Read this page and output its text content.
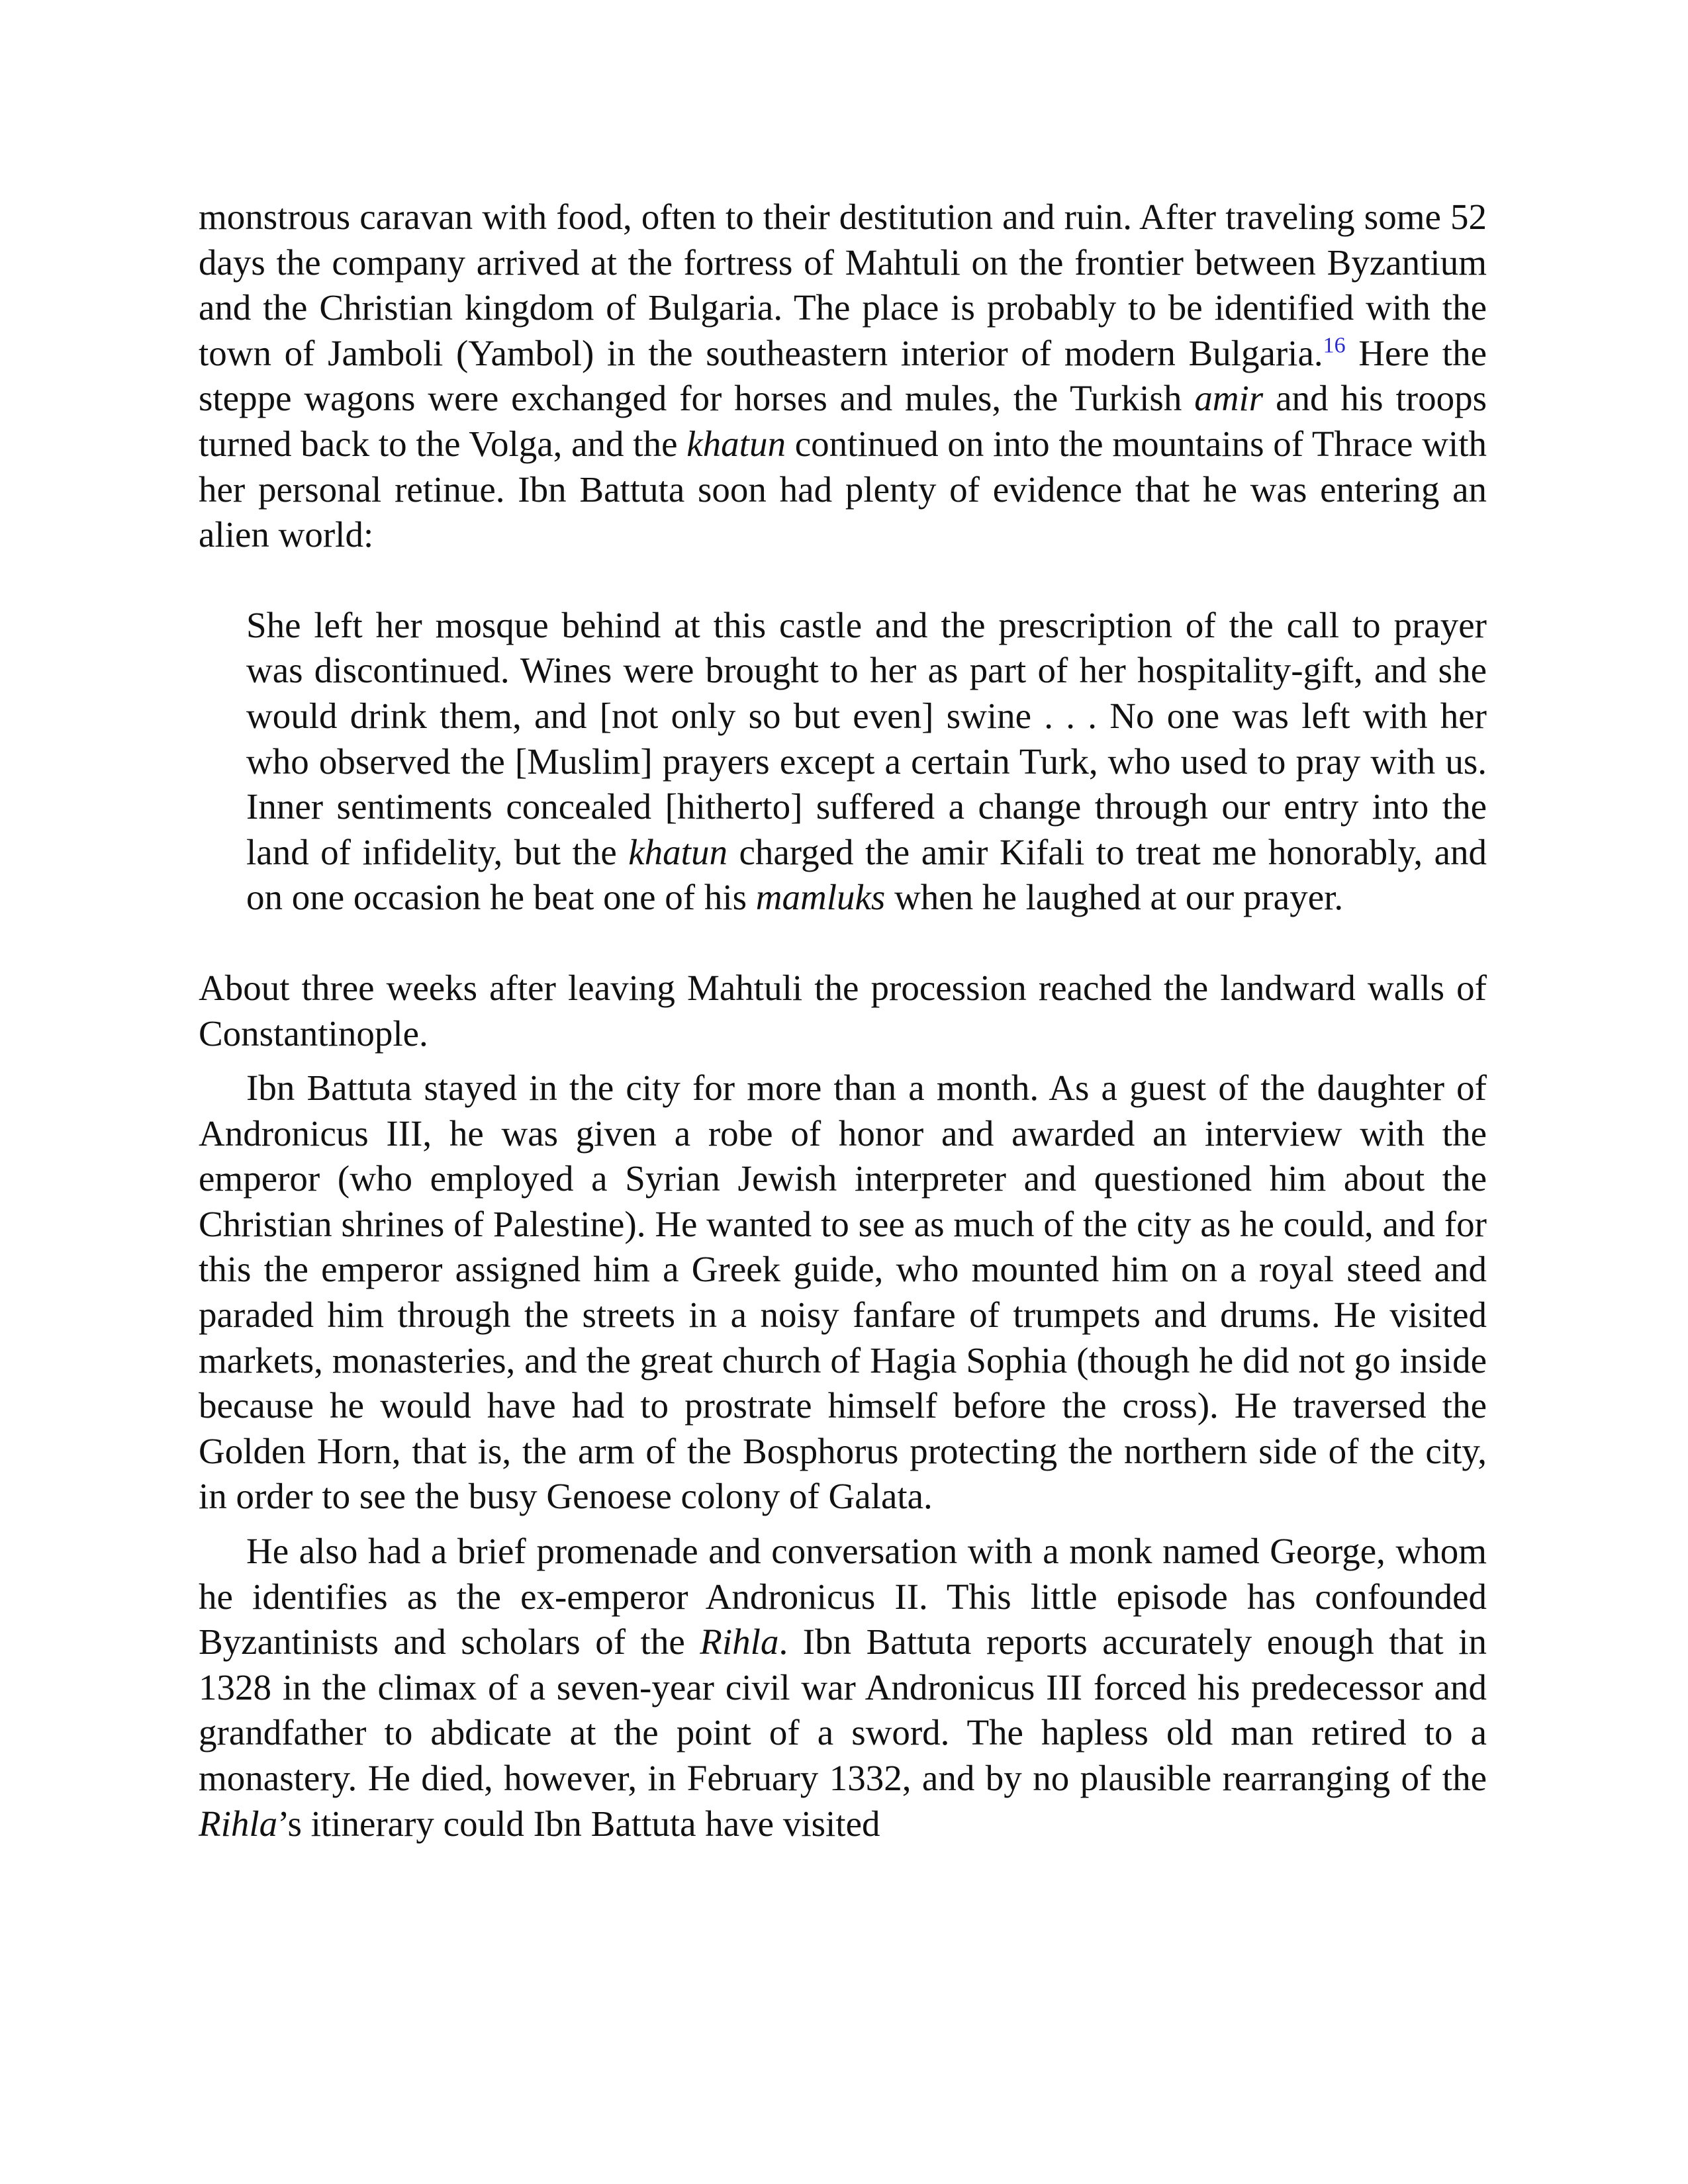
monstrous caravan with food, often to their destitution and ruin. After traveling some 52 days the company arrived at the fortress of Mahtuli on the frontier between Byzantium and the Christian kingdom of Bulgaria. The place is probably to be identified with the town of Jamboli (Yambol) in the southeastern interior of modern Bulgaria.$^{16}$ Here the steppe wagons were exchanged for horses and mules, the Turkish amir and his troops turned back to the Volga, and the khatun continued on into the mountains of Thrace with her personal retinue. Ibn Battuta soon had plenty of evidence that he was entering an alien world:

She left her mosque behind at this castle and the prescription of the call to prayer was discontinued. Wines were brought to her as part of her hospitality-gift, and she would drink them, and [not only so but even] swine . . . No one was left with her who observed the [Muslim] prayers except a certain Turk, who used to pray with us. Inner sentiments concealed [hitherto] suffered a change through our entry into the land of infidelity, but the khatun charged the amir Kifali to treat me honorably, and on one occasion he beat one of his mamluks when he laughed at our prayer.

About three weeks after leaving Mahtuli the procession reached the landward walls of Constantinople.

Ibn Battuta stayed in the city for more than a month. As a guest of the daughter of Andronicus III, he was given a robe of honor and awarded an interview with the emperor (who employed a Syrian Jewish interpreter and questioned him about the Christian shrines of Palestine). He wanted to see as much of the city as he could, and for this the emperor assigned him a Greek guide, who mounted him on a royal steed and paraded him through the streets in a noisy fanfare of trumpets and drums. He visited markets, monasteries, and the great church of Hagia Sophia (though he did not go inside because he would have had to prostrate himself before the cross). He traversed the Golden Horn, that is, the arm of the Bosphorus protecting the northern side of the city, in order to see the busy Genoese colony of Galata.

He also had a brief promenade and conversation with a monk named George, whom he identifies as the ex-emperor Andronicus II. This little episode has confounded Byzantinists and scholars of the Rihla. Ibn Battuta reports accurately enough that in 1328 in the climax of a seven-year civil war Andronicus III forced his predecessor and grandfather to abdicate at the point of a sword. The hapless old man retired to a monastery. He died, however, in February 1332, and by no plausible rearranging of the Rihla’s itinerary could Ibn Battuta have visited
